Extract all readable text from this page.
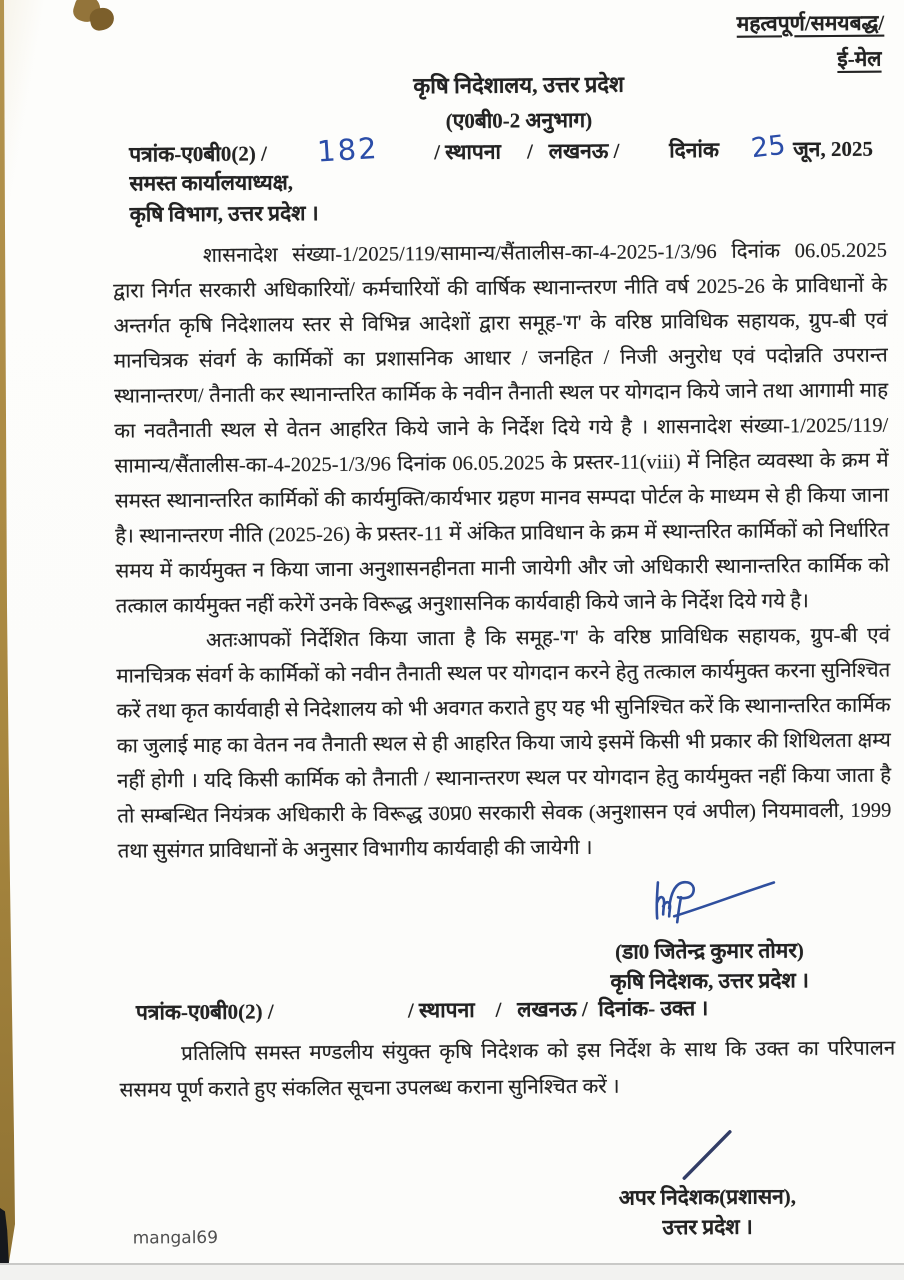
महत्वपूर्ण/समयबद्ध/
ई-मेल
कृषि निदेशालय, उत्तर प्रदेश
(ए0बी0-2 अनुभाग)
पत्रांक-ए0बी0(2) / 182	/ स्थापना     /   लखनऊ / दिनांक 25 जून, 2025
समस्त कार्यालयाध्यक्ष,
कृषि विभाग, उत्तर प्रदेश ।

शासनादेश संख्या-1/2025/119/सामान्य/सैंतालीस-का-4-2025-1/3/96 दिनांक 06.05.2025 द्वारा निर्गत सरकारी अधिकारियों/ कर्मचारियों की वार्षिक स्थानान्तरण नीति वर्ष 2025-26 के प्राविधानों के अन्तर्गत कृषि निदेशालय स्तर से विभिन्न आदेशों द्वारा समूह-'ग' के वरिष्ठ प्राविधिक सहायक, ग्रुप-बी एवं मानचित्रक संवर्ग के कार्मिकों का प्रशासनिक आधार / जनहित / निजी अनुरोध एवं पदोन्नति उपरान्त स्थानान्तरण/ तैनाती कर स्थानान्तरित कार्मिक के नवीन तैनाती स्थल पर योगदान किये जाने तथा आगामी माह का नवतैनाती स्थल से वेतन आहरित किये जाने के निर्देश दिये गये है । शासनादेश संख्या-1/2025/119/सामान्य/सैंतालीस-का-4-2025-1/3/96 दिनांक 06.05.2025 के प्रस्तर-11(viii) में निहित व्यवस्था के क्रम में समस्त स्थानान्तरित कार्मिकों की कार्यमुक्ति/कार्यभार ग्रहण मानव सम्पदा पोर्टल के माध्यम से ही किया जाना है। स्थानान्तरण नीति (2025-26) के प्रस्तर-11 में अंकित प्राविधान के क्रम में स्थान्तरित कार्मिकों को निर्धारित समय में कार्यमुक्त न किया जाना अनुशासनहीनता मानी जायेगी और जो अधिकारी स्थानान्तरित कार्मिक को तत्काल कार्यमुक्त नहीं करेगें उनके विरूद्ध अनुशासनिक कार्यवाही किये जाने के निर्देश दिये गये है।

अतःआपकों निर्देशित किया जाता है कि समूह-'ग' के वरिष्ठ प्राविधिक सहायक, ग्रुप-बी एवं मानचित्रक संवर्ग के कार्मिकों को नवीन तैनाती स्थल पर योगदान करने हेतु तत्काल कार्यमुक्त करना सुनिश्चित करें तथा कृत कार्यवाही से निदेशालय को भी अवगत कराते हुए यह भी सुनिश्चित करें कि स्थानान्तरित कार्मिक का जुलाई माह का वेतन नव तैनाती स्थल से ही आहरित किया जाये इसमें किसी भी प्रकार की शिथिलता क्षम्य नहीं होगी । यदि किसी कार्मिक को तैनाती / स्थानान्तरण स्थल पर योगदान हेतु कार्यमुक्त नहीं किया जाता है तो सम्बन्धित नियंत्रक अधिकारी के विरूद्ध उ0प्र0 सरकारी सेवक (अनुशासन एवं अपील) नियमावली, 1999 तथा सुसंगत प्राविधानों के अनुसार विभागीय कार्यवाही की जायेगी ।

(डा0 जितेन्द्र कुमार तोमर)
कृषि निदेशक, उत्तर प्रदेश ।
पत्रांक-ए0बी0(2) /	/ स्थापना    /   लखनऊ /  दिनांक- उक्त ।

प्रतिलिपि समस्त मण्डलीय संयुक्त कृषि निदेशक को इस निर्देश के साथ कि उक्त का परिपालन ससमय पूर्ण कराते हुए संकलित सूचना उपलब्ध कराना सुनिश्चित करें ।

अपर निदेशक(प्रशासन),
उत्तर प्रदेश ।
mangal69
